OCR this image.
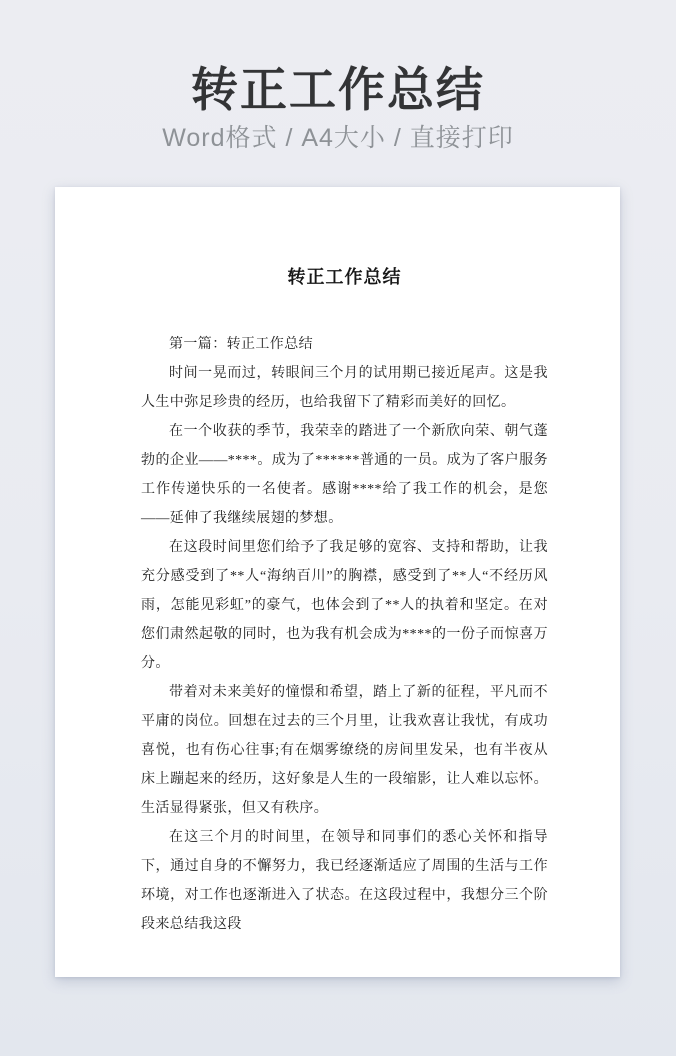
转正工作总结
Word格式 / A4大小 / 直接打印
转正工作总结

第一篇：转正工作总结

时间一晃而过，转眼间三个月的试用期已接近尾声。这是我人生中弥足珍贵的经历，也给我留下了精彩而美好的回忆。

在一个收获的季节，我荣幸的踏进了一个新欣向荣、朝气蓬勃的企业——****。成为了******普通的一员。成为了客户服务工作传递快乐的一名使者。感谢****给了我工作的机会，是您——延伸了我继续展翅的梦想。

在这段时间里您们给予了我足够的宽容、支持和帮助，让我充分感受到了**人“海纳百川”的胸襟，感受到了**人“不经历风雨，怎能见彩虹”的豪气，也体会到了**人的执着和坚定。在对您们肃然起敬的同时，也为我有机会成为****的一份子而惊喜万分。

带着对未来美好的憧憬和希望，踏上了新的征程，平凡而不平庸的岗位。回想在过去的三个月里，让我欢喜让我忧，有成功喜悦，也有伤心往事;有在烟雾缭绕的房间里发呆，也有半夜从床上蹦起来的经历，这好象是人生的一段缩影，让人难以忘怀。生活显得紧张，但又有秩序。

在这三个月的时间里，在领导和同事们的悉心关怀和指导下，通过自身的不懈努力，我已经逐渐适应了周围的生活与工作环境，对工作也逐渐进入了状态。在这段过程中，我想分三个阶段来总结我这段
